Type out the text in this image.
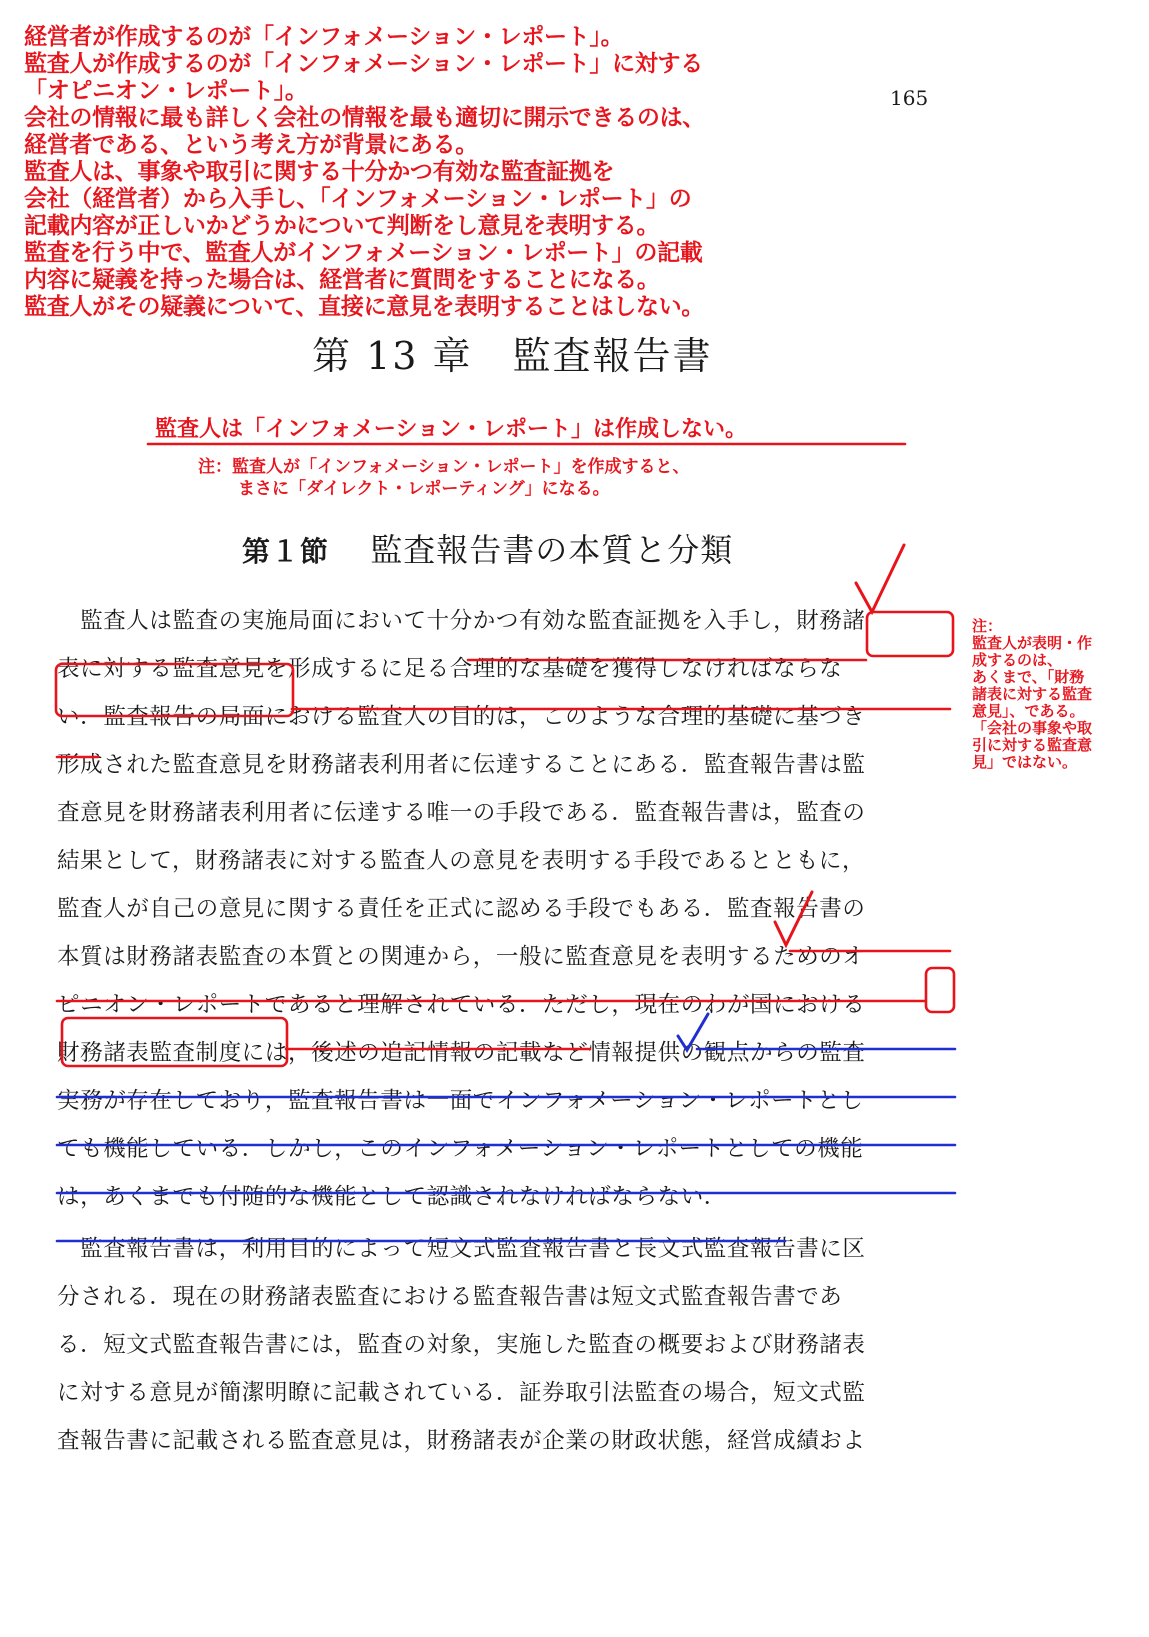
経営者が作成するのが「インフォメーション・レポート」。
監査人が作成するのが「インフォメーション・レポート」に対する
「オピニオン・レポート」。
会社の情報に最も詳しく会社の情報を最も適切に開示できるのは、
経営者である、という考え方が背景にある。
監査人は、事象や取引に関する十分かつ有効な監査証拠を
会社（経営者）から入手し、「インフォメーション・レポート」の
記載内容が正しいかどうかについて判断をし意見を表明する。
監査を行う中で、監査人がインフォメーション・レポート」の記載
内容に疑義を持った場合は、経営者に質問をすることになる。
監査人がその疑義について、直接に意見を表明することはしない。
165
第 13 章　監査報告書
監査人は「インフォメーション・レポート」は作成しない。
注：監査人が「インフォメーション・レポート」を作成すると、
まさに「ダイレクト・レポーティング」になる。
第１節 監査報告書の本質と分類
注：
監査人が表明・作
成するのは、
あくまで、「財務
諸表に対する監査
意見」、である。
「会社の事象や取
引に対する監査意
見」ではない。
　監査人は監査の実施局面において十分かつ有効な監査証拠を入手し，財務諸
表に対する監査意見を形成するに足る合理的な基礎を獲得しなければならな
い．監査報告の局面における監査人の目的は，このような合理的基礎に基づき
形成された監査意見を財務諸表利用者に伝達することにある．監査報告書は監
査意見を財務諸表利用者に伝達する唯一の手段である．監査報告書は，監査の
結果として，財務諸表に対する監査人の意見を表明する手段であるとともに，
監査人が自己の意見に関する責任を正式に認める手段でもある．監査報告書の
本質は財務諸表監査の本質との関連から，一般に監査意見を表明するためのオ
ピニオン・レポートであると理解されている．ただし，現在のわが国における
財務諸表監査制度には，後述の追記情報の記載など情報提供の観点からの監査
実務が存在しており，監査報告書は一面でインフォメーション・レポートとし
ても機能している．しかし，このインフォメーション・レポートとしての機能
は，あくまでも付随的な機能として認識されなければならない．
　監査報告書は，利用目的によって短文式監査報告書と長文式監査報告書に区
分される．現在の財務諸表監査における監査報告書は短文式監査報告書であ
る．短文式監査報告書には，監査の対象，実施した監査の概要および財務諸表
に対する意見が簡潔明瞭に記載されている．証券取引法監査の場合，短文式監
査報告書に記載される監査意見は，財務諸表が企業の財政状態，経営成績およ
